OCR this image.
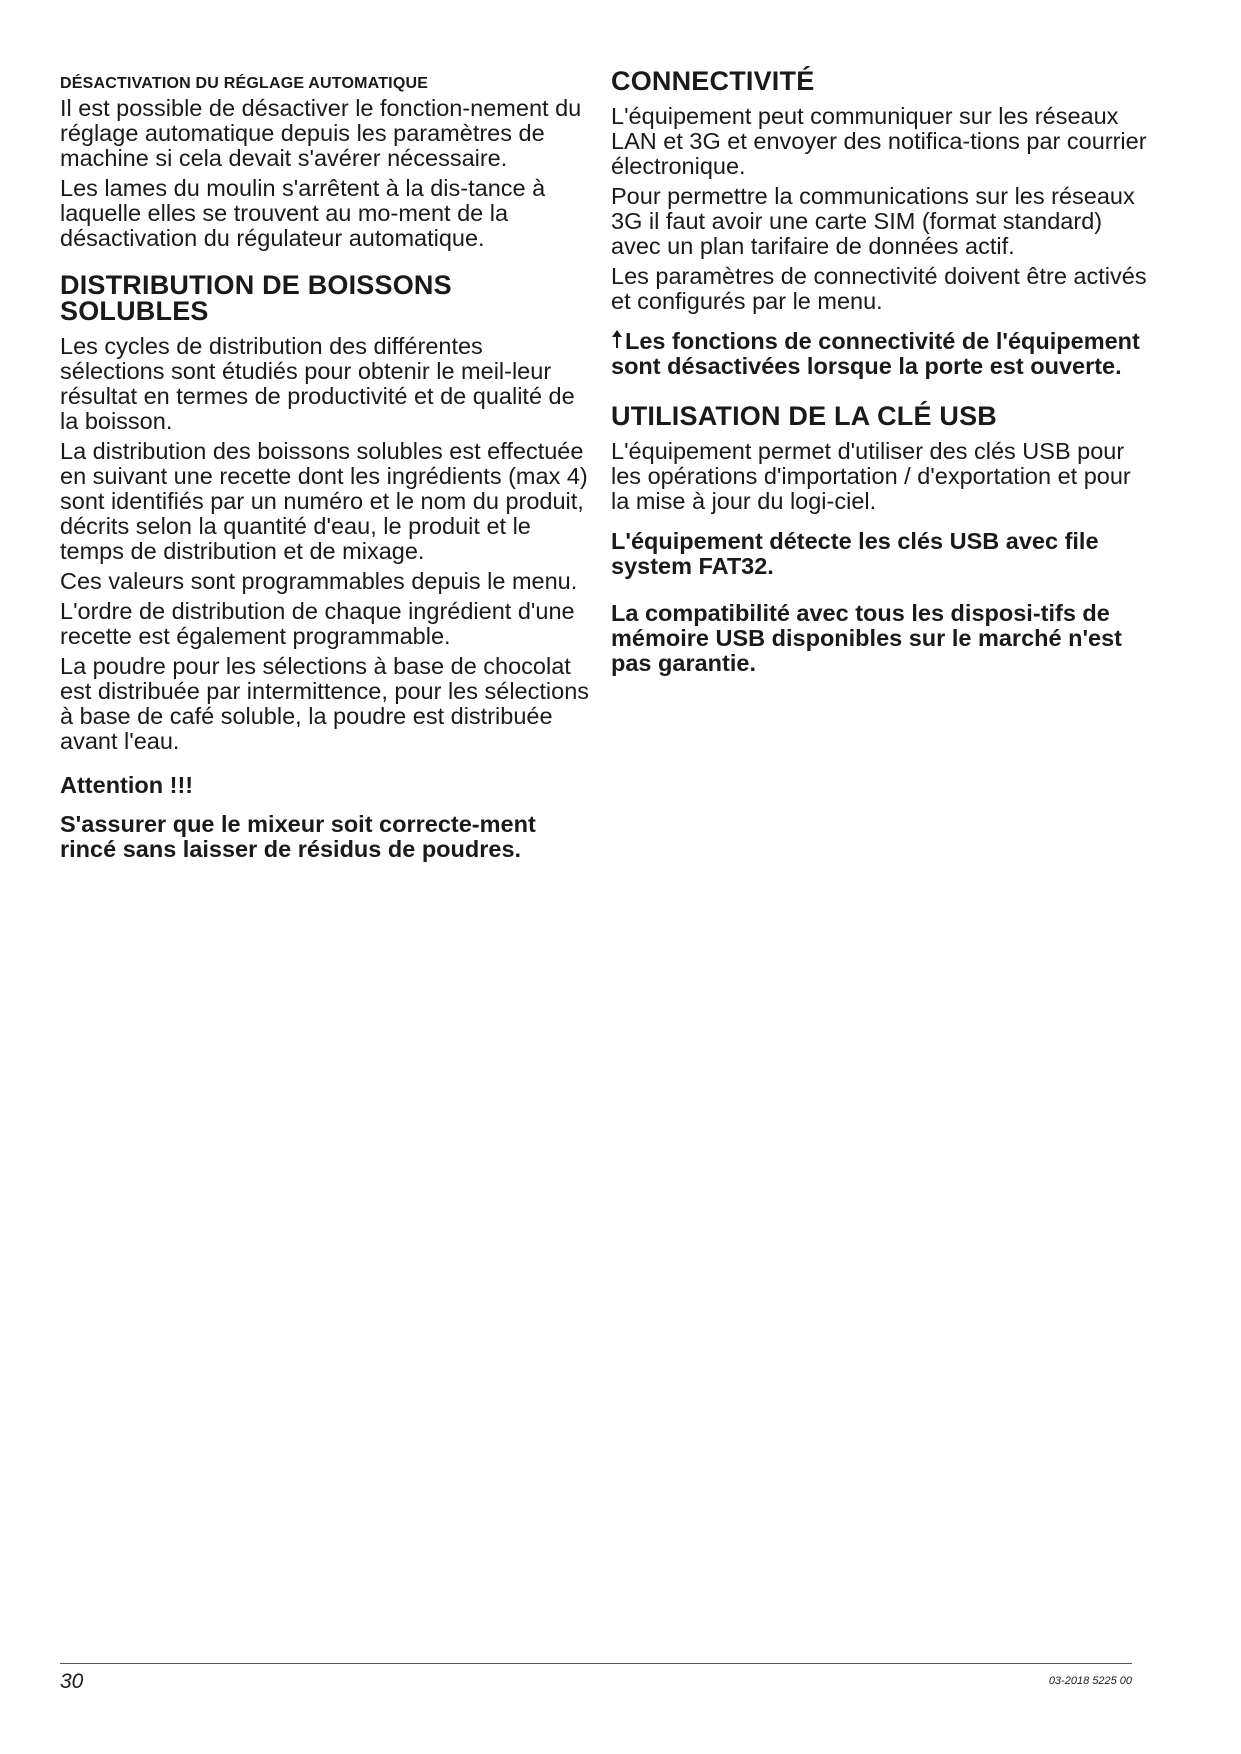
DÉSACTIVATION DU RÉGLAGE AUTOMATIQUE
Il est possible de désactiver le fonction-nement du réglage automatique depuis les paramètres de machine si cela devait s'avérer nécessaire.
Les lames du moulin s'arrêtent à la dis-tance à laquelle elles se trouvent au mo-ment de la désactivation du régulateur automatique.
DISTRIBUTION DE BOISSONS SOLUBLES
Les cycles de distribution des différentes sélections sont étudiés pour obtenir le meil-leur résultat en termes de productivité et de qualité de la boisson.
La distribution des boissons solubles est effectuée en suivant une recette dont les ingrédients (max 4) sont identifiés par un numéro et le nom du produit, décrits selon la quantité d'eau, le produit et le temps de distribution et de mixage.
Ces valeurs sont programmables depuis le menu.
L'ordre de distribution de chaque ingrédient d'une recette est également programmable.
La poudre pour les sélections à base de chocolat est distribuée par intermittence, pour les sélections à base de café soluble, la poudre est distribuée avant l'eau.
Attention !!!
S'assurer que le mixeur soit correcte-ment rincé sans laisser de résidus de poudres.
CONNECTIVITÉ
L'équipement peut communiquer sur les réseaux LAN et 3G et envoyer des notifica-tions par courrier électronique.
Pour permettre la communications sur les réseaux 3G il faut avoir une carte SIM (format standard) avec un plan tarifaire de données actif.
Les paramètres de connectivité doivent être activés et configurés par le menu.
Les fonctions de connectivité de l'équipement sont désactivées lorsque la porte est ouverte.
UTILISATION DE LA CLÉ USB
L'équipement permet d'utiliser des clés USB pour les opérations d'importation / d'exportation et pour la mise à jour du logi-ciel.
L'équipement détecte les clés USB avec file system FAT32.
La compatibilité avec tous les disposi-tifs de mémoire USB disponibles sur le marché n'est pas garantie.
30	03-2018 5225 00
